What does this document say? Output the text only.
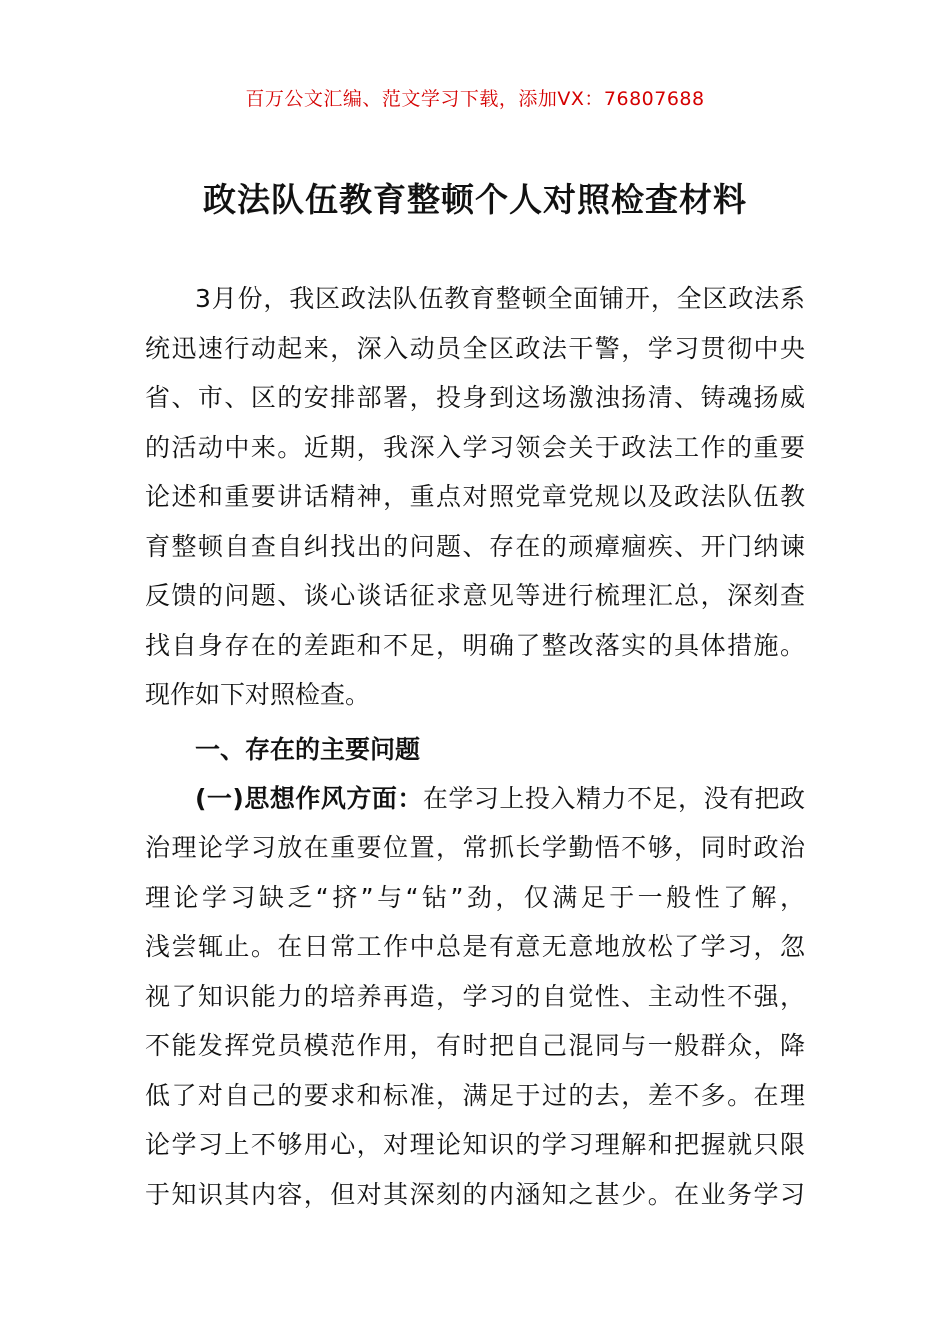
百万公文汇编、范文学习下载，添加VX：76807688
政法队伍教育整顿个人对照检查材料
3月份，我区政法队伍教育整顿全面铺开，全区政法系
统迅速行动起来，深入动员全区政法干警，学习贯彻中央
省、市、区的安排部署，投身到这场激浊扬清、铸魂扬威
的活动中来。近期，我深入学习领会关于政法工作的重要
论述和重要讲话精神，重点对照党章党规以及政法队伍教
育整顿自查自纠找出的问题、存在的顽瘴痼疾、开门纳谏
反馈的问题、谈心谈话征求意见等进行梳理汇总，深刻查
找自身存在的差距和不足，明确了整改落实的具体措施。
现作如下对照检查。
一、存在的主要问题
(一)思想作风方面：在学习上投入精力不足，没有把政
治理论学习放在重要位置，常抓长学勤悟不够，同时政治
理论学习缺乏“挤”与“钻”劲，仅满足于一般性了解，
浅尝辄止。在日常工作中总是有意无意地放松了学习，忽
视了知识能力的培养再造，学习的自觉性、主动性不强，
不能发挥党员模范作用，有时把自己混同与一般群众，降
低了对自己的要求和标准，满足于过的去，差不多。在理
论学习上不够用心，对理论知识的学习理解和把握就只限
于知识其内容，但对其深刻的内涵知之甚少。在业务学习
